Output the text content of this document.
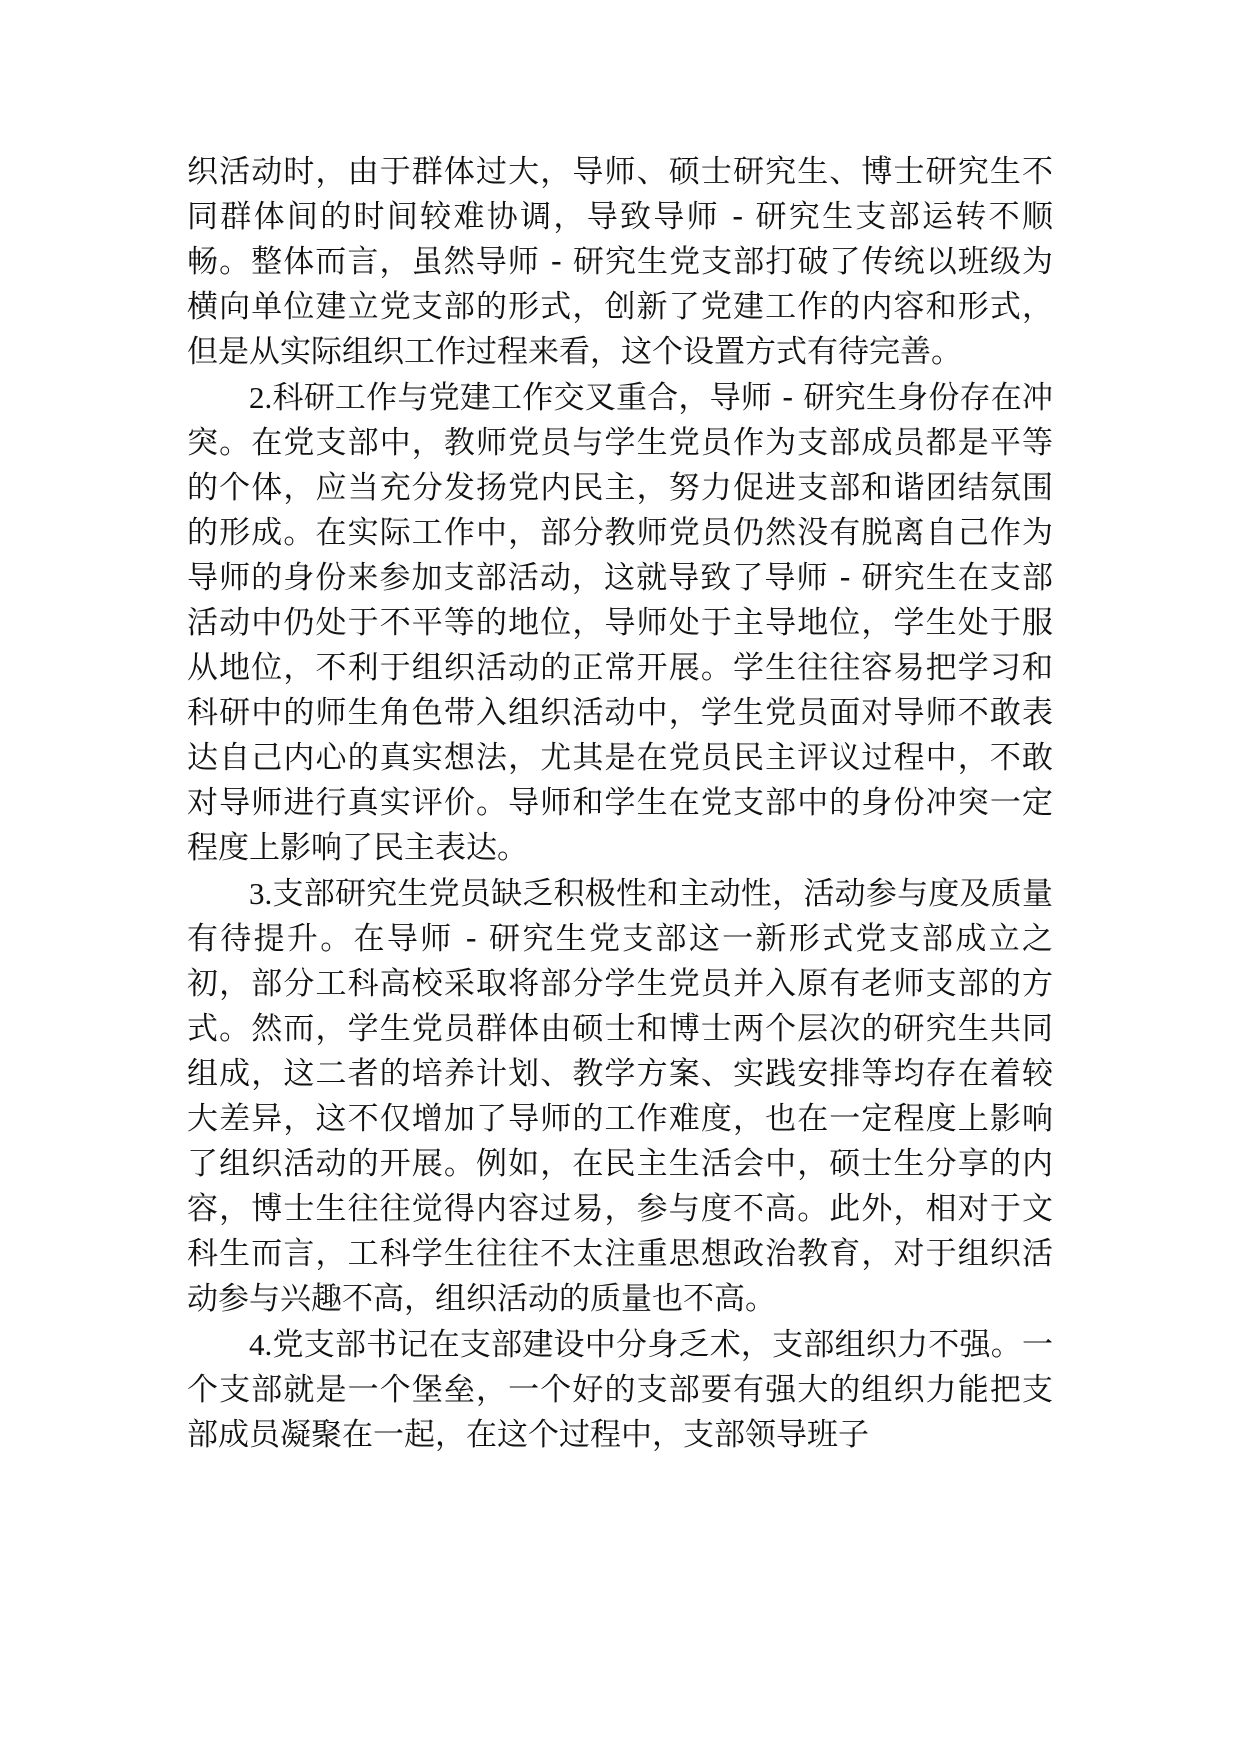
织活动时，由于群体过大，导师、硕士研究生、博士研究生不同群体间的时间较难协调，导致导师 - 研究生支部运转不顺畅。整体而言，虽然导师 - 研究生党支部打破了传统以班级为横向单位建立党支部的形式，创新了党建工作的内容和形式，但是从实际组织工作过程来看，这个设置方式有待完善。

2.科研工作与党建工作交叉重合，导师 - 研究生身份存在冲突。在党支部中，教师党员与学生党员作为支部成员都是平等的个体，应当充分发扬党内民主，努力促进支部和谐团结氛围的形成。在实际工作中，部分教师党员仍然没有脱离自己作为导师的身份来参加支部活动，这就导致了导师 - 研究生在支部活动中仍处于不平等的地位，导师处于主导地位，学生处于服从地位，不利于组织活动的正常开展。学生往往容易把学习和科研中的师生角色带入组织活动中，学生党员面对导师不敢表达自己内心的真实想法，尤其是在党员民主评议过程中，不敢对导师进行真实评价。导师和学生在党支部中的身份冲突一定程度上影响了民主表达。

3.支部研究生党员缺乏积极性和主动性，活动参与度及质量有待提升。在导师 - 研究生党支部这一新形式党支部成立之初，部分工科高校采取将部分学生党员并入原有老师支部的方式。然而，学生党员群体由硕士和博士两个层次的研究生共同组成，这二者的培养计划、教学方案、实践安排等均存在着较大差异，这不仅增加了导师的工作难度，也在一定程度上影响了组织活动的开展。例如，在民主生活会中，硕士生分享的内容，博士生往往觉得内容过易，参与度不高。此外，相对于文科生而言，工科学生往往不太注重思想政治教育，对于组织活动参与兴趣不高，组织活动的质量也不高。

4.党支部书记在支部建设中分身乏术，支部组织力不强。一个支部就是一个堡垒，一个好的支部要有强大的组织力能把支部成员凝聚在一起，在这个过程中，支部领导班子
